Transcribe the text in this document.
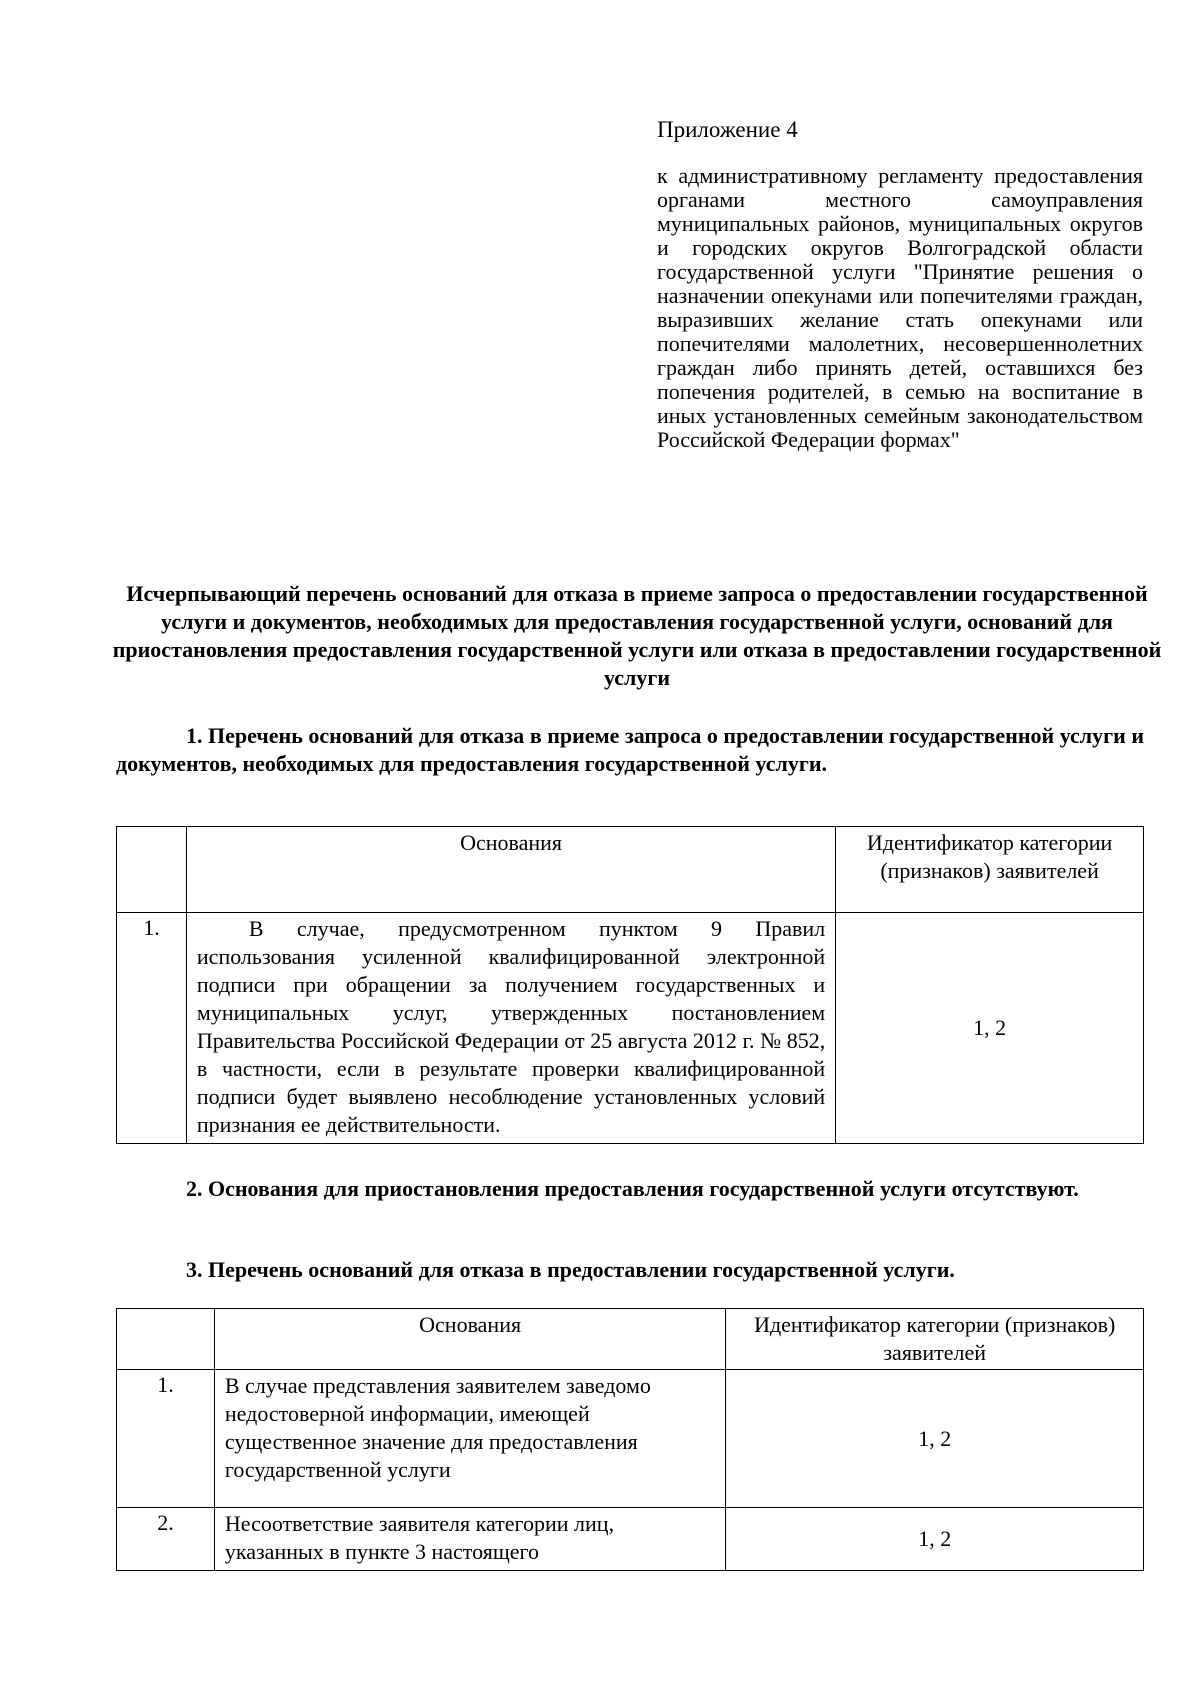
Приложение 4
к административному регламенту предоставления органами местного самоуправления муниципальных районов, муниципальных округов и городских округов Волгоградской области государственной услуги "Принятие решения о назначении опекунами или попечителями граждан, выразивших желание стать опекунами или попечителями малолетних, несовершеннолетних граждан либо принять детей, оставшихся без попечения родителей, в семью на воспитание в иных установленных семейным законодательством Российской Федерации формах"
Исчерпывающий перечень оснований для отказа в приеме запроса о предоставлении государственной услуги и документов, необходимых для предоставления государственной услуги, оснований для приостановления предоставления государственной услуги или отказа в предоставлении государственной услуги
1. Перечень оснований для отказа в приеме запроса о предоставлении государственной услуги и документов, необходимых для предоставления государственной услуги.
	Основания	Идентификатор категории (признаков) заявителей
1.	В случае, предусмотренном пунктом 9 Правил использования усиленной квалифицированной электронной подписи при обращении за получением государственных и муниципальных услуг, утвержденных постановлением Правительства Российской Федерации от 25 августа 2012 г. № 852, в частности, если в результате проверки квалифицированной подписи будет выявлено несоблюдение установленных условий признания ее действительности.	1, 2
2. Основания для приостановления предоставления государственной услуги отсутствуют.
3. Перечень оснований для отказа в предоставлении государственной услуги.
	Основания	Идентификатор категории (признаков) заявителей
1.	В случае представления заявителем заведомо недостоверной информации, имеющей существенное значение для предоставления государственной услуги	1, 2
2.	Несоответствие заявителя категории лиц, указанных в пункте 3 настоящего	1, 2
